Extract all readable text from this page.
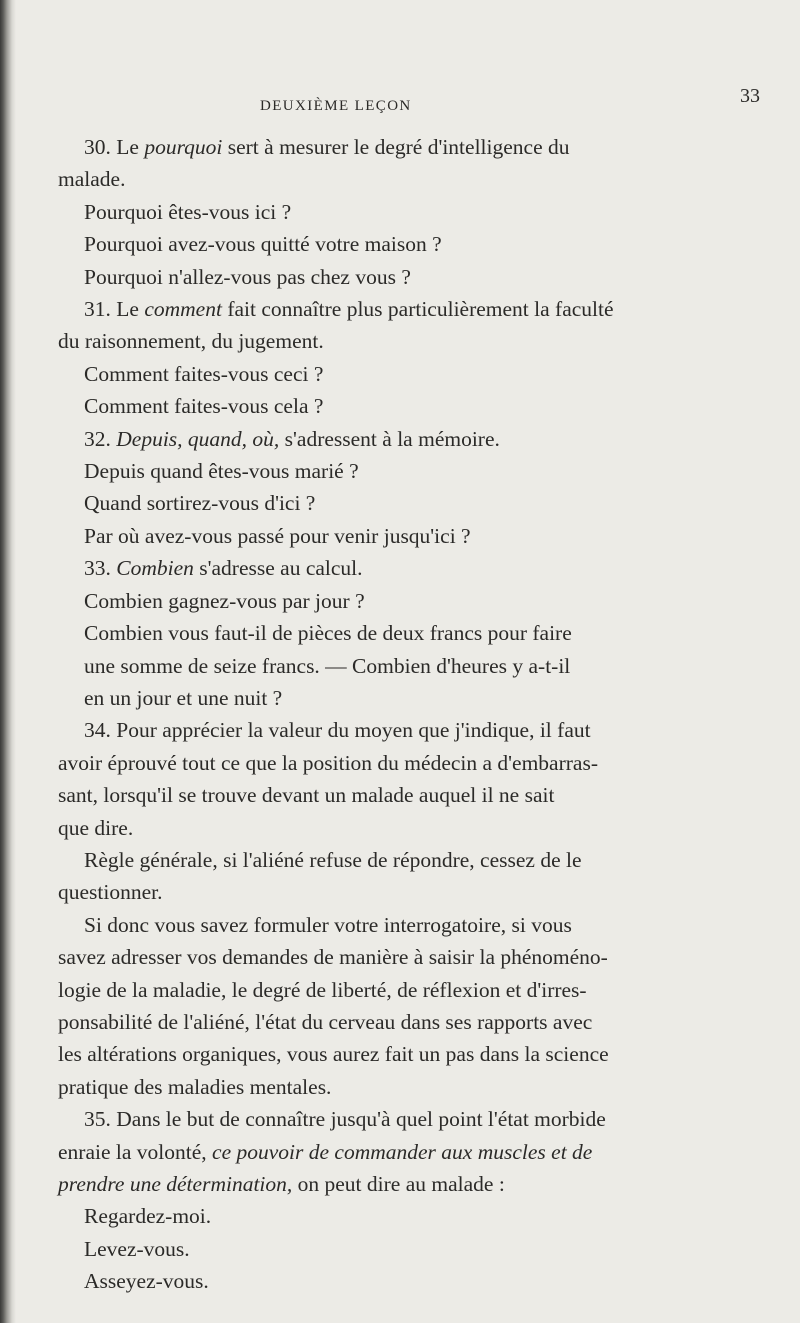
DEUXIÈME LEÇON	33

30. Le pourquoi sert à mesurer le degré d'intelligence du

malade.

Pourquoi êtes-vous ici ?

Pourquoi avez-vous quitté votre maison ?

Pourquoi n'allez-vous pas chez vous ?

31. Le comment fait connaître plus particulièrement la faculté

du raisonnement, du jugement.

Comment faites-vous ceci ?

Comment faites-vous cela ?

32. Depuis, quand, où, s'adressent à la mémoire.

Depuis quand êtes-vous marié ?

Quand sortirez-vous d'ici ?

Par où avez-vous passé pour venir jusqu'ici ?

33. Combien s'adresse au calcul.

Combien gagnez-vous par jour ?

Combien vous faut-il de pièces de deux francs pour faire

une somme de seize francs. — Combien d'heures y a-t-il

en un jour et une nuit ?

34. Pour apprécier la valeur du moyen que j'indique, il faut

avoir éprouvé tout ce que la position du médecin a d'embarras-

sant, lorsqu'il se trouve devant un malade auquel il ne sait

que dire.

Règle générale, si l'aliéné refuse de répondre, cessez de le

questionner.

Si donc vous savez formuler votre interrogatoire, si vous

savez adresser vos demandes de manière à saisir la phénoméno-

logie de la maladie, le degré de liberté, de réflexion et d'irres-

ponsabilité de l'aliéné, l'état du cerveau dans ses rapports avec

les altérations organiques, vous aurez fait un pas dans la science

pratique des maladies mentales.

35. Dans le but de connaître jusqu'à quel point l'état morbide

enraie la volonté, ce pouvoir de commander aux muscles et de

prendre une détermination, on peut dire au malade :

Regardez-moi.

Levez-vous.

Asseyez-vous.
